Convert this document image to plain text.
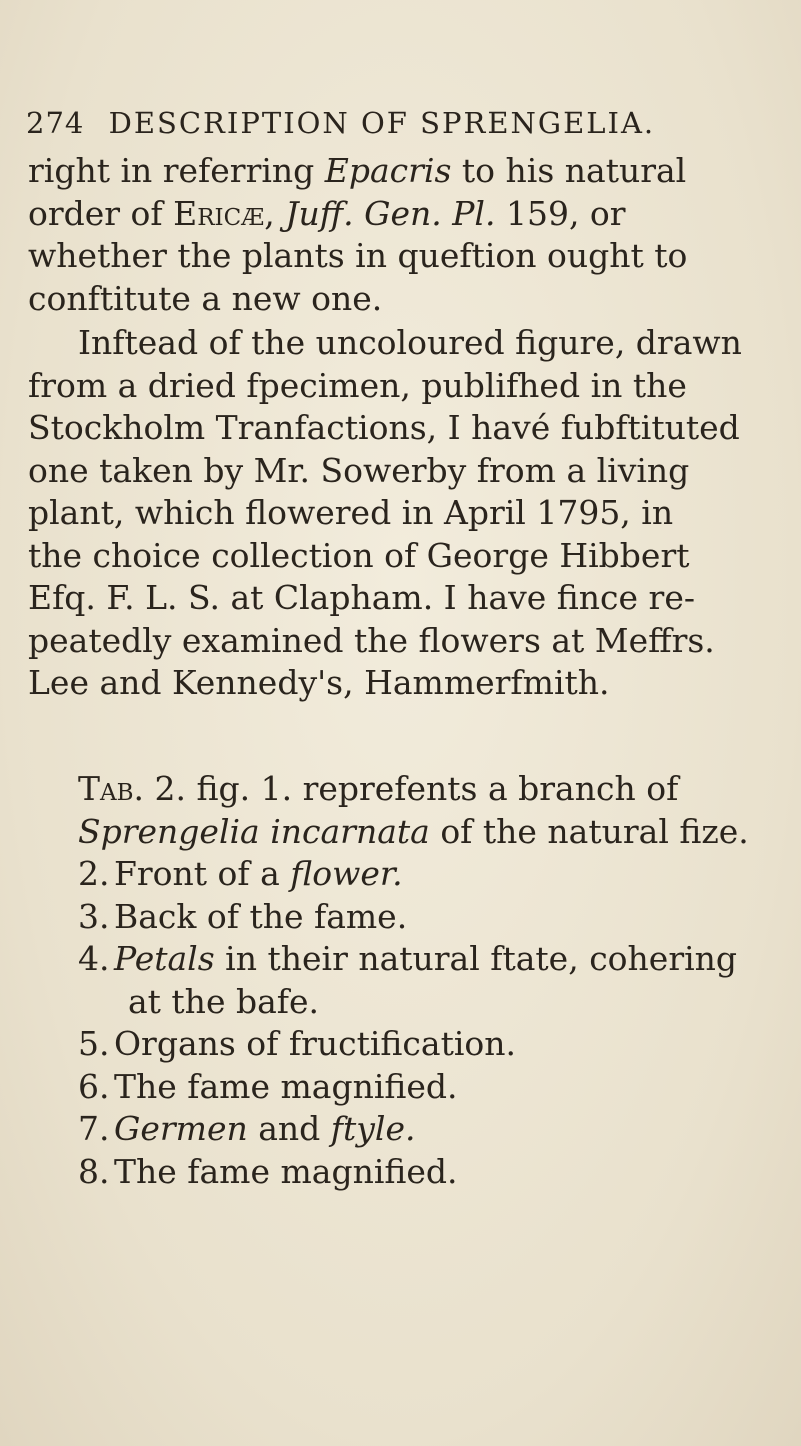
274 DESCRIPTION OF SPRENGELIA.
right in referring Epacris to his natural
order of Ericæ, Juff. Gen. Pl. 159, or
whether the plants in queftion ought to
conftitute a new one.
Inftead of the uncoloured figure, drawn
from a dried fpecimen, publifhed in the
Stockholm Tranfactions, I havé fubftituted
one taken by Mr. Sowerby from a living
plant, which flowered in April 1795, in
the choice collection of George Hibbert
Efq. F. L. S. at Clapham. I have fince re-
peatedly examined the flowers at Meffrs.
Lee and Kennedy's, Hammerfmith.
Tab. 2. fig. 1. reprefents a branch of
Sprengelia incarnata of the natural fize.
2. Front of a flower.
3. Back of the fame.
4. Petals in their natural ftate, cohering
at the bafe.
5. Organs of fructification.
6. The fame magnified.
7. Germen and ftyle.
8. The fame magnified.
